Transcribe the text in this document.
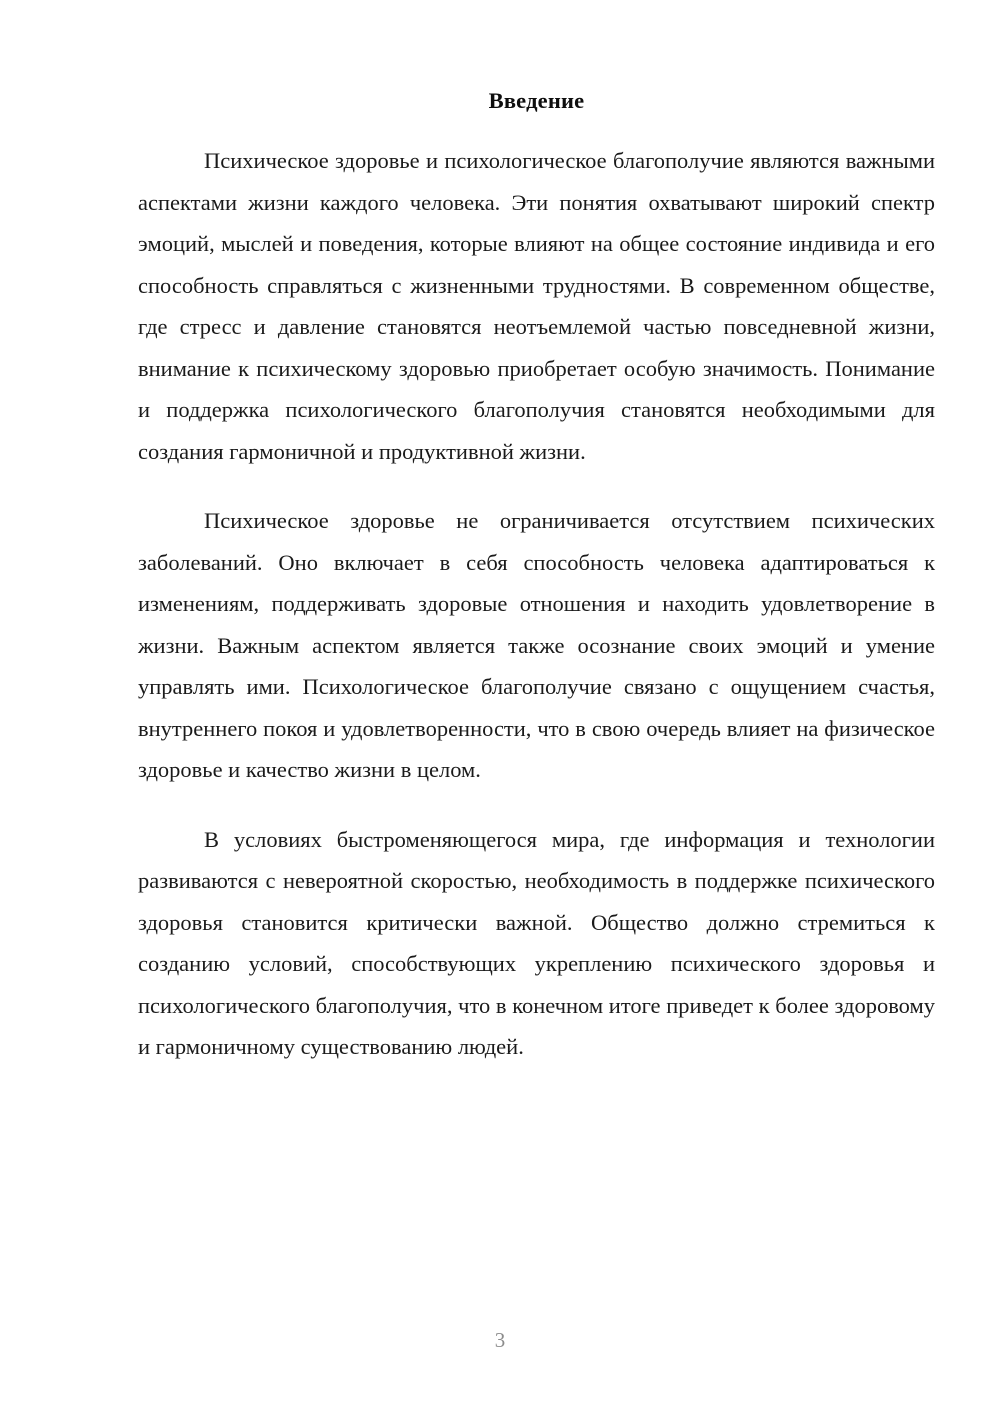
Введение

Психическое здоровье и психологическое благополучие являются важными аспектами жизни каждого человека. Эти понятия охватывают широкий спектр эмоций, мыслей и поведения, которые влияют на общее состояние индивида и его способность справляться с жизненными трудностями. В современном обществе, где стресс и давление становятся неотъемлемой частью повседневной жизни, внимание к психическому здоровью приобретает особую значимость. Понимание и поддержка психологического благополучия становятся необходимыми для создания гармоничной и продуктивной жизни.

Психическое здоровье не ограничивается отсутствием психических заболеваний. Оно включает в себя способность человека адаптироваться к изменениям, поддерживать здоровые отношения и находить удовлетворение в жизни. Важным аспектом является также осознание своих эмоций и умение управлять ими. Психологическое благополучие связано с ощущением счастья, внутреннего покоя и удовлетворенности, что в свою очередь влияет на физическое здоровье и качество жизни в целом.

В условиях быстроменяющегося мира, где информация и технологии развиваются с невероятной скоростью, необходимость в поддержке психического здоровья становится критически важной. Общество должно стремиться к созданию условий, способствующих укреплению психического здоровья и психологического благополучия, что в конечном итоге приведет к более здоровому и гармоничному существованию людей.

3
